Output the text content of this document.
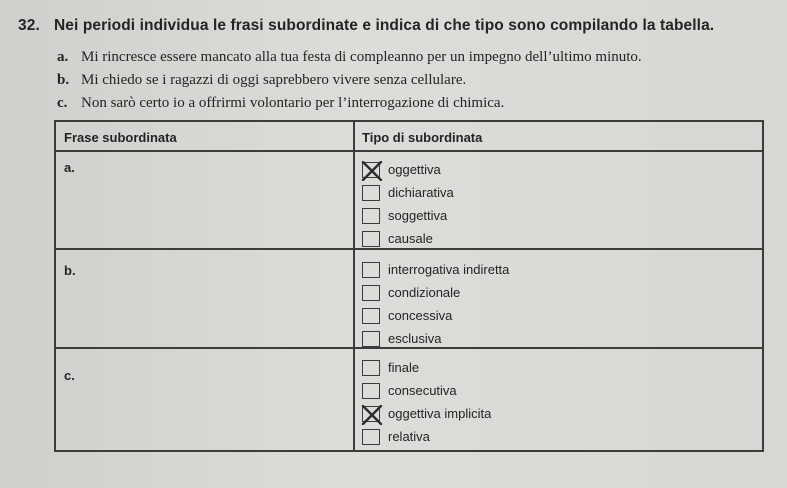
32. Nei periodi individua le frasi subordinate e indica di che tipo sono compilando la tabella.
a. Mi rincresce essere mancato alla tua festa di compleanno per un impegno dell’ultimo minuto.
b. Mi chiedo se i ragazzi di oggi saprebbero vivere senza cellulare.
c. Non sarò certo io a offrirmi volontario per l’interrogazione di chimica.
Frase subordinata	Tipo di subordinata
a.
b.
c.
oggettiva
dichiarativa
soggettiva
causale
interrogativa indiretta
condizionale
concessiva
esclusiva
finale
consecutiva
oggettiva implicita
relativa
